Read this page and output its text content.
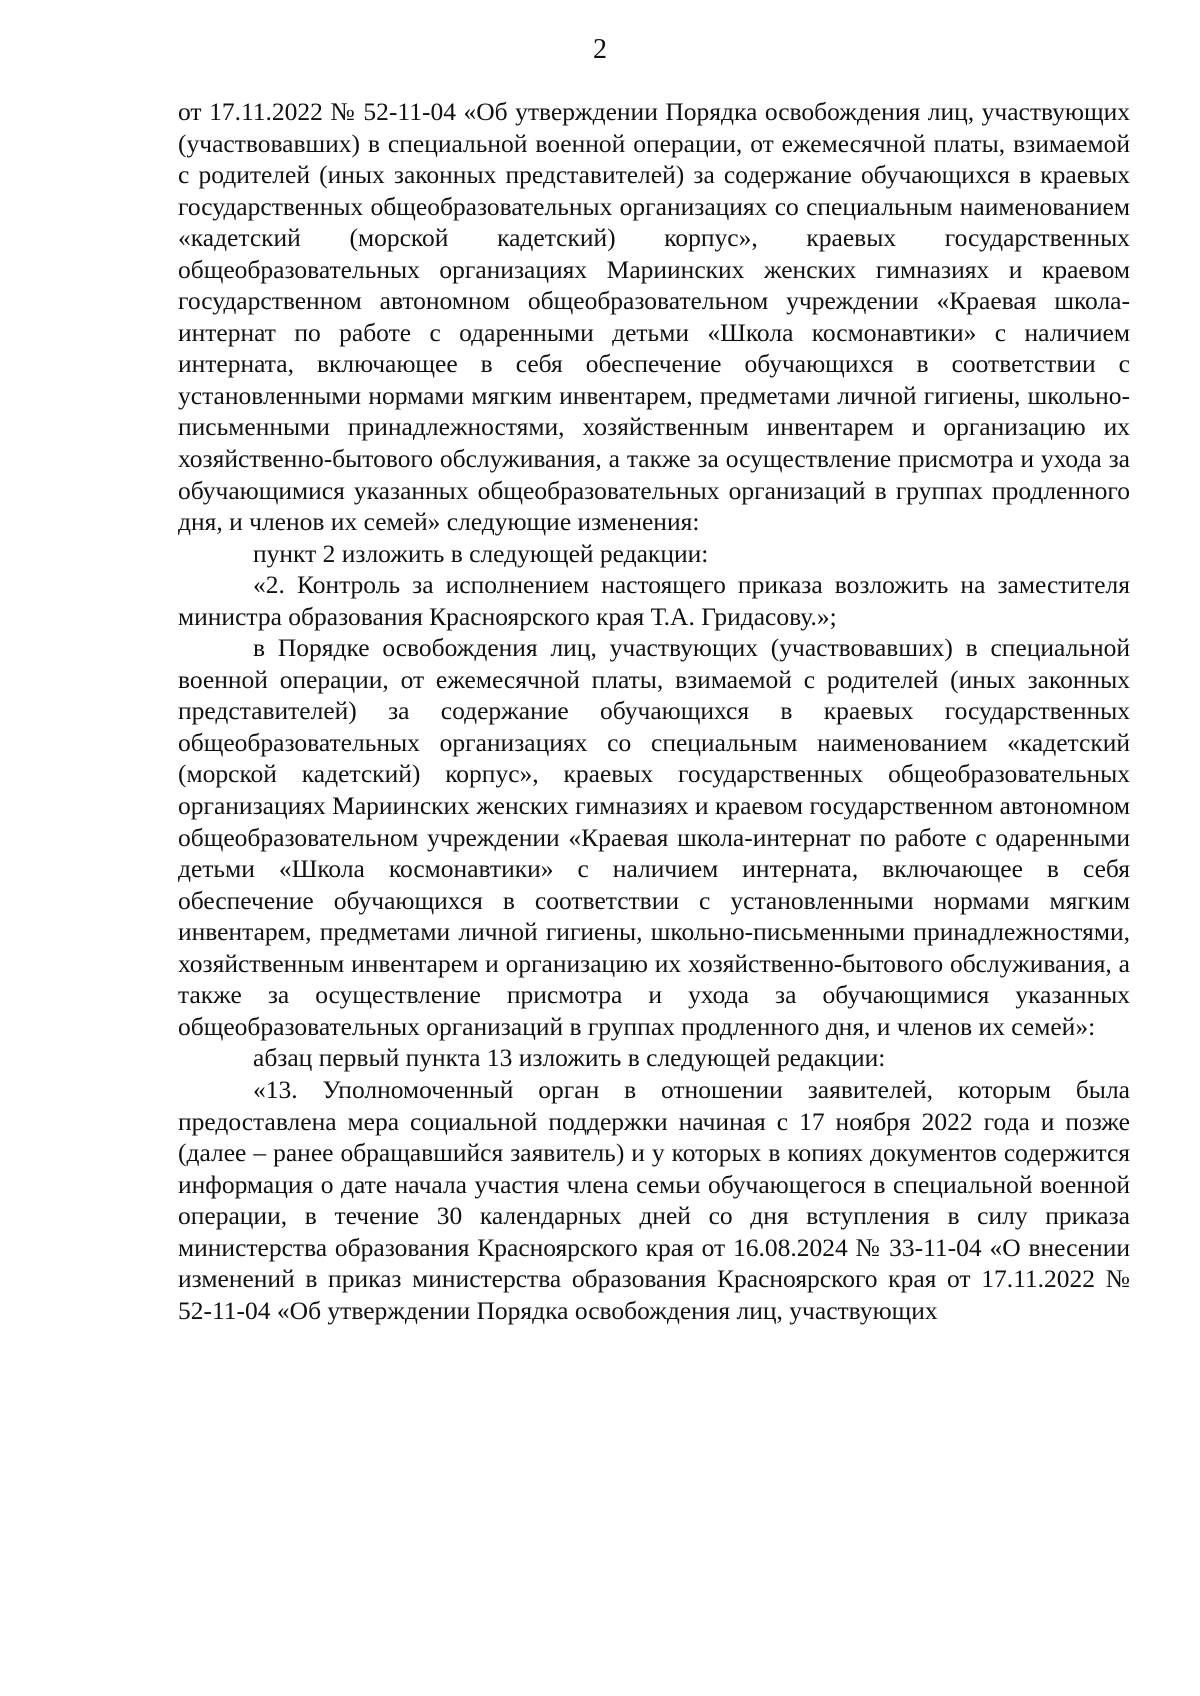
2

от 17.11.2022 № 52-11-04 «Об утверждении Порядка освобождения лиц, участвующих (участвовавших) в специальной военной операции, от ежемесячной платы, взимаемой с родителей (иных законных представителей) за содержание обучающихся в краевых государственных общеобразовательных организациях со специальным наименованием «кадетский (морской кадетский) корпус», краевых государственных общеобразовательных организациях Мариинских женских гимназиях и краевом государственном автономном общеобразовательном учреждении «Краевая школа-интернат по работе с одаренными детьми «Школа космонавтики» с наличием интерната, включающее в себя обеспечение обучающихся в соответствии с установленными нормами мягким инвентарем, предметами личной гигиены, школьно-письменными принадлежностями, хозяйственным инвентарем и организацию их хозяйственно-бытового обслуживания, а также за осуществление присмотра и ухода за обучающимися указанных общеобразовательных организаций в группах продленного дня, и членов их семей» следующие изменения:

пункт 2 изложить в следующей редакции:

«2. Контроль за исполнением настоящего приказа возложить на заместителя министра образования Красноярского края Т.А. Гридасову.»;

в Порядке освобождения лиц, участвующих (участвовавших) в специальной военной операции, от ежемесячной платы, взимаемой с родителей (иных законных представителей) за содержание обучающихся в краевых государственных общеобразовательных организациях со специальным наименованием «кадетский (морской кадетский) корпус», краевых государственных общеобразовательных организациях Мариинских женских гимназиях и краевом государственном автономном общеобразовательном учреждении «Краевая школа-интернат по работе с одаренными детьми «Школа космонавтики» с наличием интерната, включающее в себя обеспечение обучающихся в соответствии с установленными нормами мягким инвентарем, предметами личной гигиены, школьно-письменными принадлежностями, хозяйственным инвентарем и организацию их хозяйственно-бытового обслуживания, а также за осуществление присмотра и ухода за обучающимися указанных общеобразовательных организаций в группах продленного дня, и членов их семей»:

абзац первый пункта 13 изложить в следующей редакции:

«13. Уполномоченный орган в отношении заявителей, которым была предоставлена мера социальной поддержки начиная с 17 ноября 2022 года и позже (далее – ранее обращавшийся заявитель) и у которых в копиях документов содержится информация о дате начала участия члена семьи обучающегося в специальной военной операции, в течение 30 календарных дней со дня вступления в силу приказа министерства образования Красноярского края от 16.08.2024 № 33-11-04 «О внесении изменений в приказ министерства образования Красноярского края от 17.11.2022 № 52-11-04 «Об утверждении Порядка освобождения лиц, участвующих
